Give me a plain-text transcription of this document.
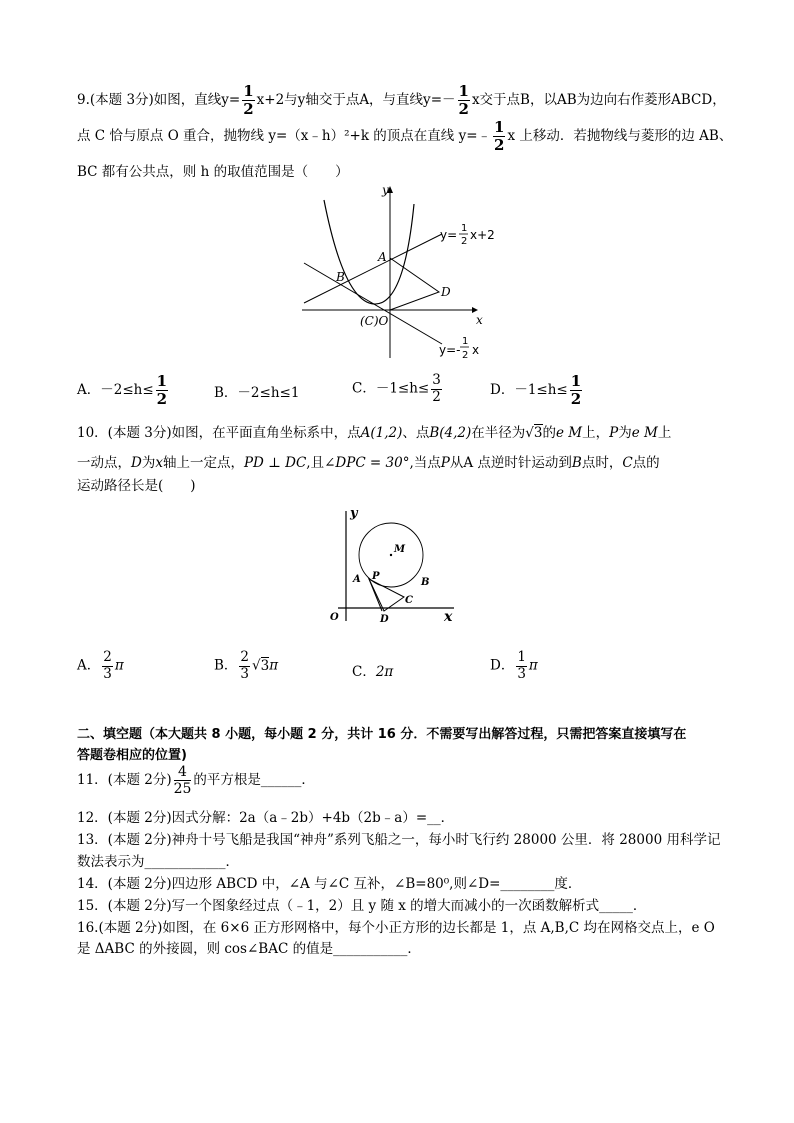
9.(本题 3分)如图，直线$y= \frac{1}{2} x+2$与y轴交于点A，与直线$y=- \frac{1}{2}$ x交于点B，以AB为边向右作菱形ABCD，
点 C 恰与原点 O 重合，抛物线 y=（x﹣h）²+k 的顶点在直线 y=﹣ $\frac{1}{2}$ x 上移动．若抛物线与菱形的边 AB、
BC 都有公共点，则 h 的取值范围是（　　）
y
x
A
B
D
(C)O
y= 1
2 x+2
y=-
1
2 x
A．$-2\le h\le \frac{1}{2}$	B．－2≤h≤1	C．$-1\le h\le \frac{3}{2}$	D．$-1\le h\le \frac{1}{2}$
10．(本题 3分)如图，在平面直角坐标系中，点A(1,2)、点B(4,2)在半径为√3的e M上，P为e M上
一动点，D为x轴上一定点，PD ⊥ DC,且∠DPC = 30°,当点P从A 点逆时针运动到B点时，C点的
运动路径长是(　　)
y
x
O
M
A P
B
C
D
A． $\frac{2}{3}$ π	B． $\frac{2}{3} √3\pi$	C．2π	D． $\frac{1}{3}$ π
二、填空题（本大题共 8 小题，每小题 2 分，共计 16 分．不需要写出解答过程，只需把答案直接填写在
答题卷相应的位置)
11．(本题 2分) $\frac{4}{25}$ 的平方根是______．
12．(本题 2分)因式分解：2a（a﹣2b）+4b（2b﹣a）=__．
13．(本题 2分)神舟十号飞船是我国“神舟”系列飞船之一，每小时飞行约 28000 公里．将 28000 用科学记
数法表示为____________．
14．(本题 2分)四边形 ABCD 中，∠A 与∠C 互补，∠B=80⁰,则∠D=________度．
15．(本题 2分)写一个图象经过点（﹣1，2）且 y 随 x 的增大而减小的一次函数解析式_____．
16.(本题 2分)如图，在 6×6 正方形网格中，每个小正方形的边长都是 1，点 A,B,C 均在网格交点上，e O
是 ΔABC 的外接圆，则 cos∠BAC 的值是___________．
